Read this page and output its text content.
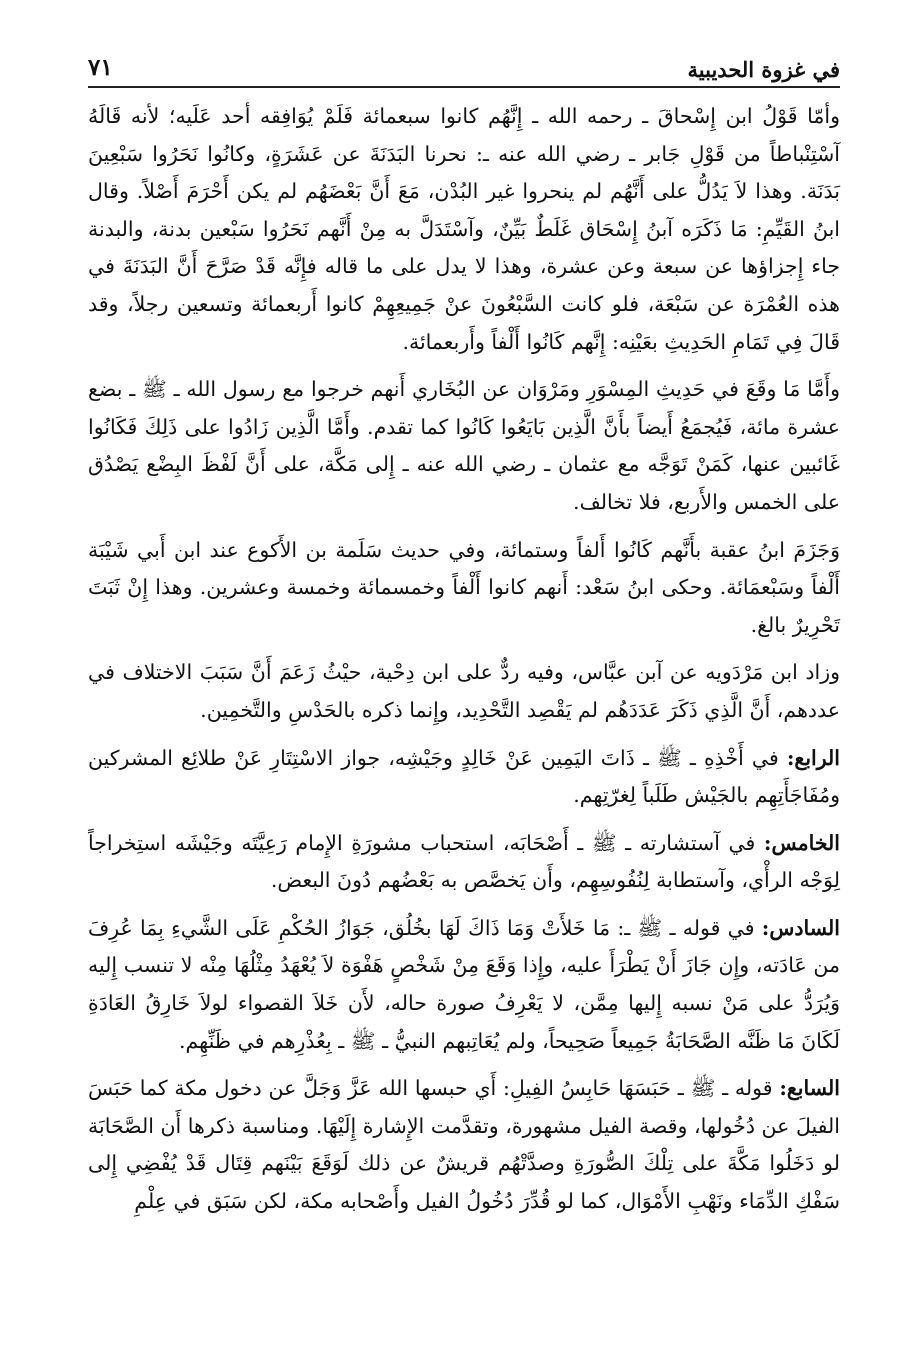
في غزوة الحديبية
٧١

وأمّا قَوْلُ ابن إِسْحاقَ ـ رحمه الله ـ إِنَّهُم كانوا سبعمائة فَلَمْ يُوَافِقه أحد عَلَيه؛ لأنه قَالَهُ آسْتِنْباطاً من قَوْلِ جَابر ـ رضي الله عنه ـ: نحرنا البَدَنَةَ عن عَشَرَةٍ، وكانُوا نَحَرُوا سَبْعِينَ بَدَنَة. وهذا لاَ يَدُلُّ على أَنَّهُم لم ينحروا غير البُدْن، مَعَ أَنَّ بَعْضَهُم لم يكن أَحْرَمَ أَصْلاً. وقال ابنُ القَيِّمِ: مَا ذَكَرَه آبنُ إِسْحَاق غَلَطٌ بَيِّنٌ، وآسْتَدَلَّ به مِنْ أَنَّهم نَحَرُوا سَبْعين بدنة، والبدنة جاء إِجزاؤها عن سبعة وعن عشرة، وهذا لا يدل على ما قاله فإِنَّه قَدْ صَرَّحَ أَنَّ البَدَنَةَ في هذه العُمْرَة عن سَبْعَة، فلو كانت السَّبْعُونَ عنْ جَمِيعِهِمْ كانوا أَربعمائة وتسعين رجلاً، وقد قَالَ فِي تَمَامِ الحَدِيثِ بعَيْنِه: إِنَّهم كَانُوا أَلْفاً وأَربعمائة.

وأَمَّا مَا وقَعَ في حَدِيثِ المِسْوَرِ ومَرْوَان عن البُخَاري أَنهم خرجوا مع رسول الله ـ ﷺ ـ بضع عشرة مائة، فَيُجمَعُ أَيضاً بأَنَّ الَّذِين بَايَعُوا كَانُوا كما تقدم. وأَمَّا الَّذِين زَادُوا على ذَلِكَ فَكَانُوا غَائبين عنها، كَمَنْ تَوَجَّه مع عثمان ـ رضي الله عنه ـ إِلى مَكَّة، على أَنَّ لَفْظَ البِضْع يَصْدُق على الخمس والأَربع، فلا تخالف.

وَجَزَمَ ابنُ عقبة بأَنَّهم كَانُوا أَلفاً وستمائة، وفي حديث سَلَمة بن الأَكوع عند ابن أَبي شَيْبَة أَلْفاً وسَبْعمَائة. وحكى ابنُ سَعْد: أَنهم كانوا أَلْفاً وخمسمائة وخمسة وعشرين. وهذا إِنْ ثَبَتَ تَحْرِيرٌ بالغ.

وزاد ابن مَرْدَويه عن آبن عبَّاس، وفيه ردٌّ على ابن دِحْية، حيْثُ زَعَمَ أَنَّ سَبَبَ الاختلاف في عددهم، أَنَّ الَّذِي ذَكَرَ عَدَدَهُم لم يَقْصِد التَّحْدِيد، وإِنما ذكره بالحَدْسِ والتَّخمِين.

الرابع: في أَخْذِهِ ـ ﷺ ـ ذَاتَ اليَمِين عَنْ خَالِدٍ وجَيْشِه، جواز الاسْتِتَارِ عَنْ طلائِع المشركين ومُفَاجَأَتِهِم بالجَيْش طَلَباً لِغرّتِهم.

الخامس: في آستشارته ـ ﷺ ـ أَصْحَابَه، استحباب مشورَةِ الإِمام رَعِيَّتَه وجَيْشَه استِخراجاً لِوَجْه الرأْي، وآستطابة لِنُفُوسِهِم، وأَن يَخصَّص به بَعْضُهم دُونَ البعض.

السادس: في قوله ـ ﷺ ـ: مَا خَلأَتْ وَمَا ذَاكَ لَهَا بخُلُق، جَوَازُ الحُكْمِ عَلَى الشَّيءِ بِمَا عُرِفَ من عَادَته، وإِن جَازَ أَنْ يَطْرَأَ عليه، وإِذا وَقَعَ مِنْ شَخْصٍ هَفْوَة لاَ يُعْهَدُ مِثْلُهَا مِنْه لا تنسب إِليه وَيُرَدُّ على مَنْ نسبه إِليها مِمَّن، لا يَعْرِفُ صورة حاله، لأَن خَلاَ القصواء لولاَ خَارِقُ العَادَةِ لَكَانَ مَا ظَنَّه الصَّحَابَةُ جَمِيعاً صَحِيحاً، ولم يُعَاتِبهم النبيُّ ـ ﷺ ـ بِعُذْرِهم في ظَنِّهِم.

السابع: قوله ـ ﷺ ـ حَبَسَهَا حَابِسُ الفِيلِ: أَي حبسها الله عَزَّ وَجَلَّ عن دخول مكة كما حَبَسَ الفيلَ عن دُخُولها، وقصة الفيل مشهورة، وتقدَّمت الإِشارة إِلَيْهَا. ومناسبة ذكرها أَن الصَّحَابَة لو دَخَلُوا مَكَّةَ على تِلْكَ الصُّورَةِ وصدَّتْهُم قريشٌ عن ذلك لَوَقَعَ بَيْنَهم قِتَال قَدْ يُفْضِي إِلى سَفْكِ الدِّمَاء ونَهْبِ الأَمْوَال، كما لو قُدِّرَ دُخُولُ الفيل وأَصْحابه مكة، لكن سَبَق في عِلْمِ
